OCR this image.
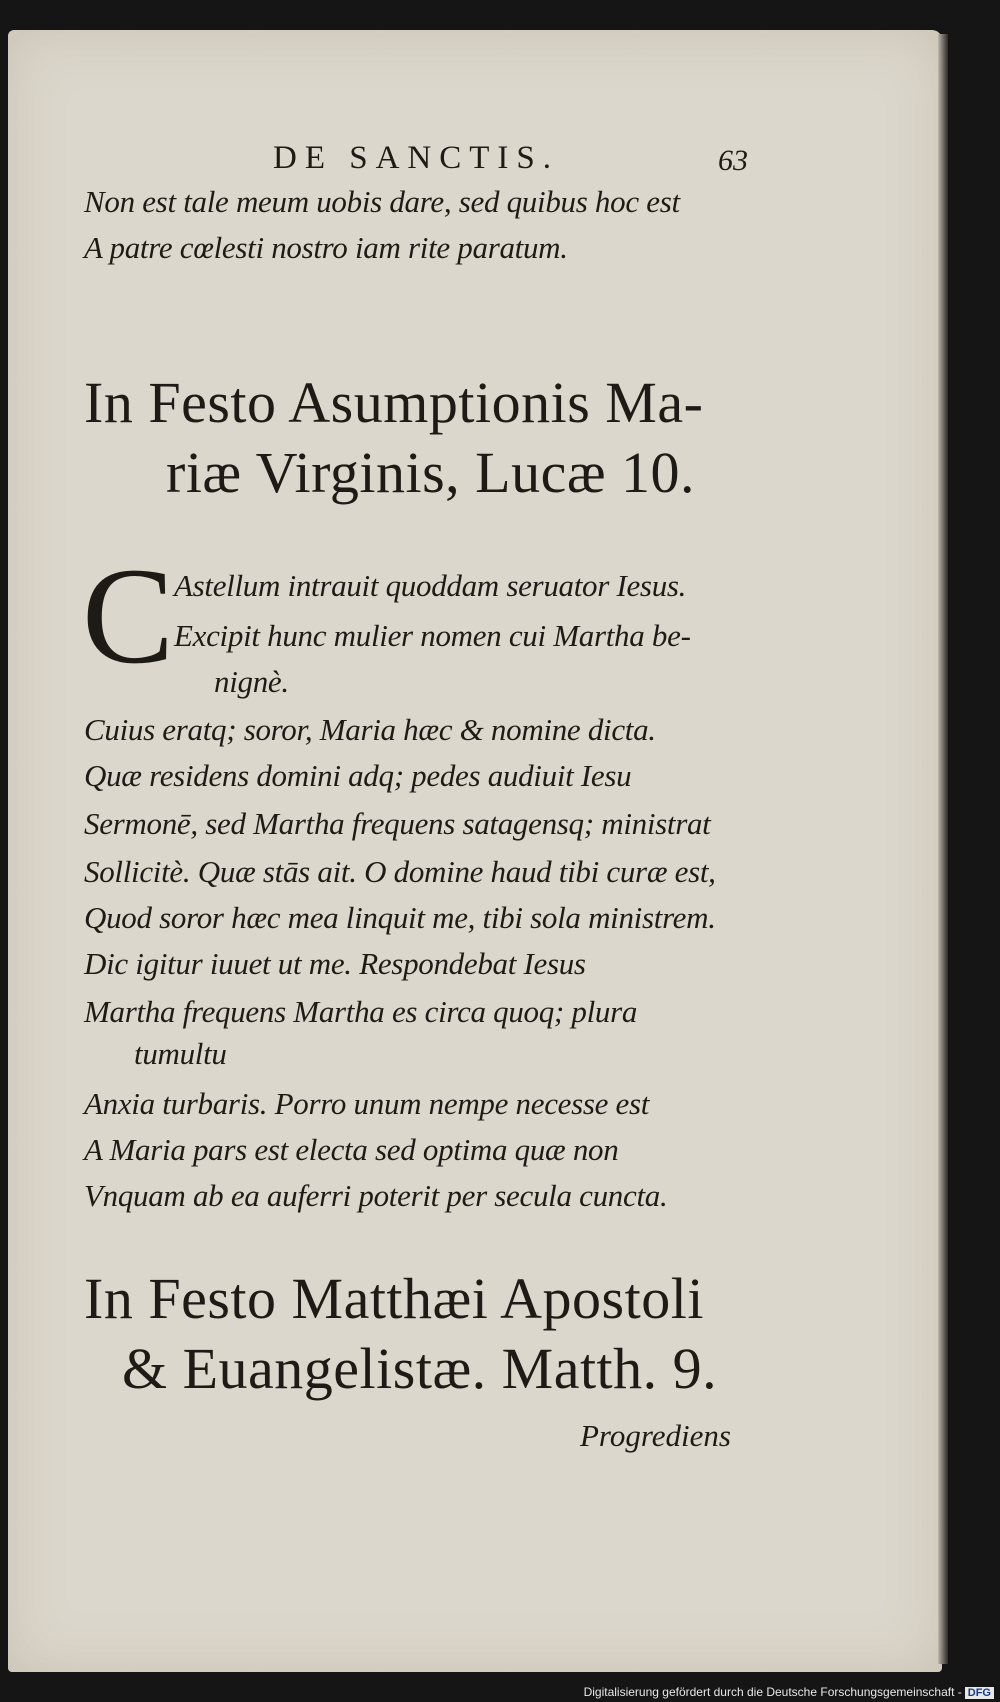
DE SANCTIS.	63
Non est tale meum uobis dare, sed quibus hoc est
A patre cœlesti nostro iam rite paratum.
In Festo Asumptionis Ma-
riæ Virginis, Lucæ 10.
C Astellum intrauit quoddam seruator Iesus.
Excipit hunc mulier nomen cui Martha be-
nignè.
Cuius eratq; soror, Maria hæc & nomine dicta.
Quæ residens domini adq; pedes audiuit Iesu
Sermonē, sed Martha frequens satagensq; ministrat
Sollicitè. Quæ stās ait. O domine haud tibi curæ est,
Quod soror hæc mea linquit me, tibi sola ministrem.
Dic igitur iuuet ut me. Respondebat Iesus
Martha frequens Martha es circa quoq; plura
tumultu
Anxia turbaris. Porro unum nempe necesse est
A Maria pars est electa sed optima quæ non
Vnquam ab ea auferri poterit per secula cuncta.
In Festo Matthæi Apostoli
& Euangelistæ. Matth. 9.
Progrediens
Digitalisierung gefördert durch die Deutsche Forschungsgemeinschaft - DFG
